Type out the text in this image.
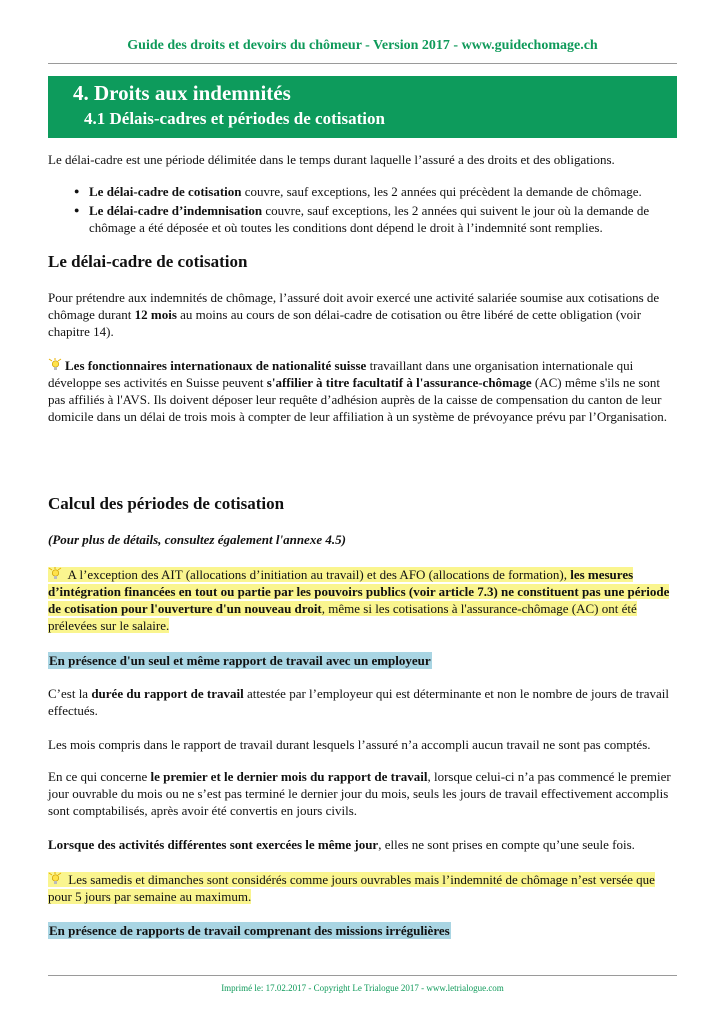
Guide des droits et devoirs du chômeur - Version 2017 - www.guidechomage.ch
4. Droits aux indemnités
4.1 Délais-cadres et périodes de cotisation
Le délai-cadre est une période délimitée dans le temps durant laquelle l’assuré a des droits et des obligations.
● Le délai-cadre de cotisation couvre, sauf exceptions, les 2 années qui précèdent la demande de chômage.
● Le délai-cadre d’indemnisation couvre, sauf exceptions, les 2 années qui suivent le jour où la demande de chômage a été déposée et où toutes les conditions dont dépend le droit à l’indemnité sont remplies.
Le délai-cadre de cotisation
Pour prétendre aux indemnités de chômage, l’assuré doit avoir exercé une activité salariée soumise aux cotisations de chômage durant 12 mois au moins au cours de son délai-cadre de cotisation ou être libéré de cette obligation (voir chapitre 14).
Les fonctionnaires internationaux de nationalité suisse travaillant dans une organisation internationale qui développe ses activités en Suisse peuvent s'affilier à titre facultatif à l'assurance-chômage (AC) même s'ils ne sont pas affiliés à l'AVS. Ils doivent déposer leur requête d’adhésion auprès de la caisse de compensation du canton de leur domicile dans un délai de trois mois à compter de leur affiliation à un système de prévoyance prévu par l’Organisation.
Calcul des périodes de cotisation
(Pour plus de détails, consultez également l'annexe 4.5)
A l’exception des AIT (allocations d’initiation au travail) et des AFO (allocations de formation), les mesures d’intégration financées en tout ou partie par les pouvoirs publics (voir article 7.3) ne constituent pas une période de cotisation pour l'ouverture d'un nouveau droit, même si les cotisations à l'assurance-chômage (AC) ont été prélevées sur le salaire.
En présence d'un seul et même rapport de travail avec un employeur
C’est la durée du rapport de travail attestée par l’employeur qui est déterminante et non le nombre de jours de travail effectués.
Les mois compris dans le rapport de travail durant lesquels l’assuré n’a accompli aucun travail ne sont pas comptés.
En ce qui concerne le premier et le dernier mois du rapport de travail, lorsque celui-ci n’a pas commencé le premier jour ouvrable du mois ou ne s’est pas terminé le dernier jour du mois, seuls les jours de travail effectivement accomplis sont comptabilisés, après avoir été convertis en jours civils.
Lorsque des activités différentes sont exercées le même jour, elles ne sont prises en compte qu’une seule fois.
Les samedis et dimanches sont considérés comme jours ouvrables mais l’indemnité de chômage n’est versée que pour 5 jours par semaine au maximum.
En présence de rapports de travail comprenant des missions irrégulières
Imprimé le: 17.02.2017 - Copyright Le Trialogue 2017 - www.letrialogue.com
